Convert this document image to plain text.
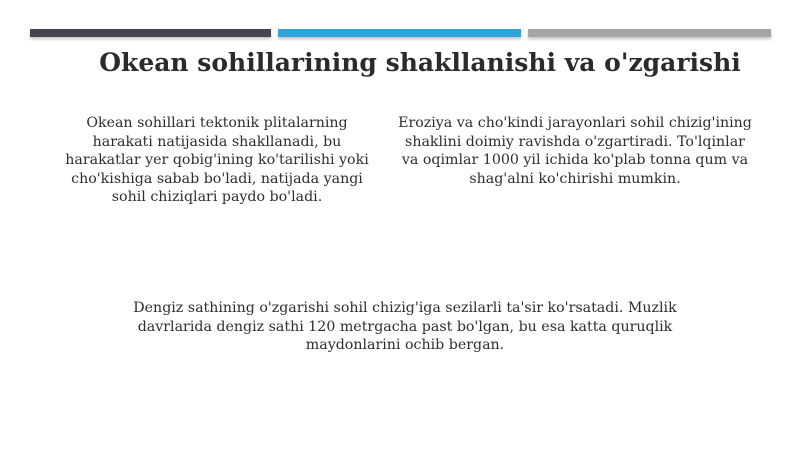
Okean sohillarining shakllanishi va o'zgarishi
Okean sohillari tektonik plitalarning harakati natijasida shakllanadi, bu harakatlar yer qobig'ining ko'tarilishi yoki cho'kishiga sabab bo'ladi, natijada yangi sohil chiziqlari paydo bo'ladi.
Eroziya va cho'kindi jarayonlari sohil chizig'ining shaklini doimiy ravishda o'zgartiradi. To'lqinlar va oqimlar 1000 yil ichida ko'plab tonna qum va shag'alni ko'chirishi mumkin.
Dengiz sathining o'zgarishi sohil chizig'iga sezilarli ta'sir ko'rsatadi. Muzlik davrlarida dengiz sathi 120 metrgacha past bo'lgan, bu esa katta quruqlik maydonlarini ochib bergan.
